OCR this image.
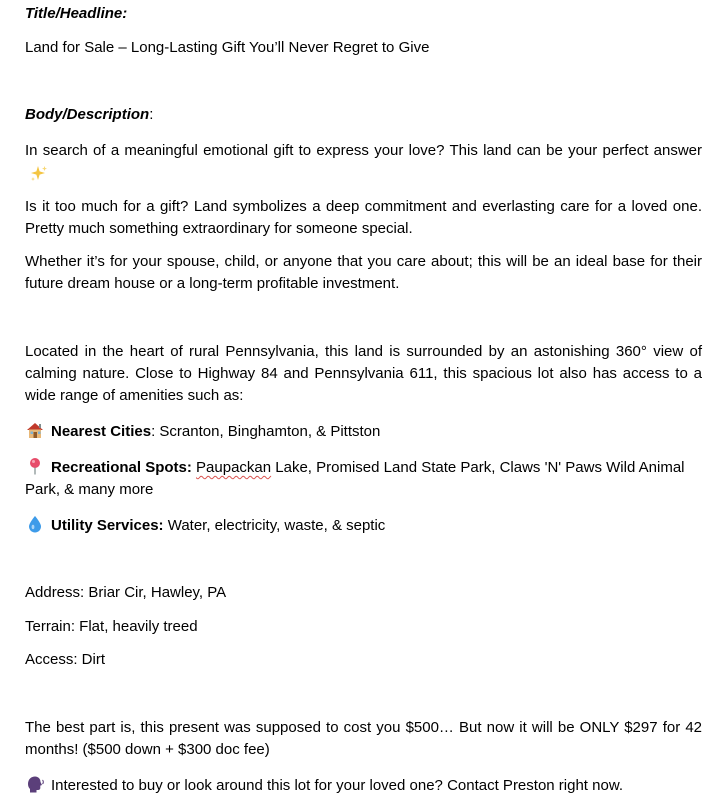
Title/Headline:

Land for Sale – Long-Lasting Gift You’ll Never Regret to Give

Body/Description:

In search of a meaningful emotional gift to express your love? This land can be your perfect answer

Is it too much for a gift? Land symbolizes a deep commitment and everlasting care for a loved one. Pretty much something extraordinary for someone special.

Whether it’s for your spouse, child, or anyone that you care about; this will be an ideal base for their future dream house or a long-term profitable investment.

Located in the heart of rural Pennsylvania, this land is surrounded by an astonishing 360° view of calming nature. Close to Highway 84 and Pennsylvania 611, this spacious lot also has access to a wide range of amenities such as:

Nearest Cities: Scranton, Binghamton, & Pittston

Recreational Spots: Paupackan Lake, Promised Land State Park, Claws 'N' Paws Wild Animal Park, & many more

Utility Services: Water, electricity, waste, & septic

Address: Briar Cir, Hawley, PA

Terrain: Flat, heavily treed

Access: Dirt

The best part is, this present was supposed to cost you $500… But now it will be ONLY $297 for 42 months! ($500 down + $300 doc fee)

Interested to buy or look around this lot for your loved one? Contact Preston right now.
